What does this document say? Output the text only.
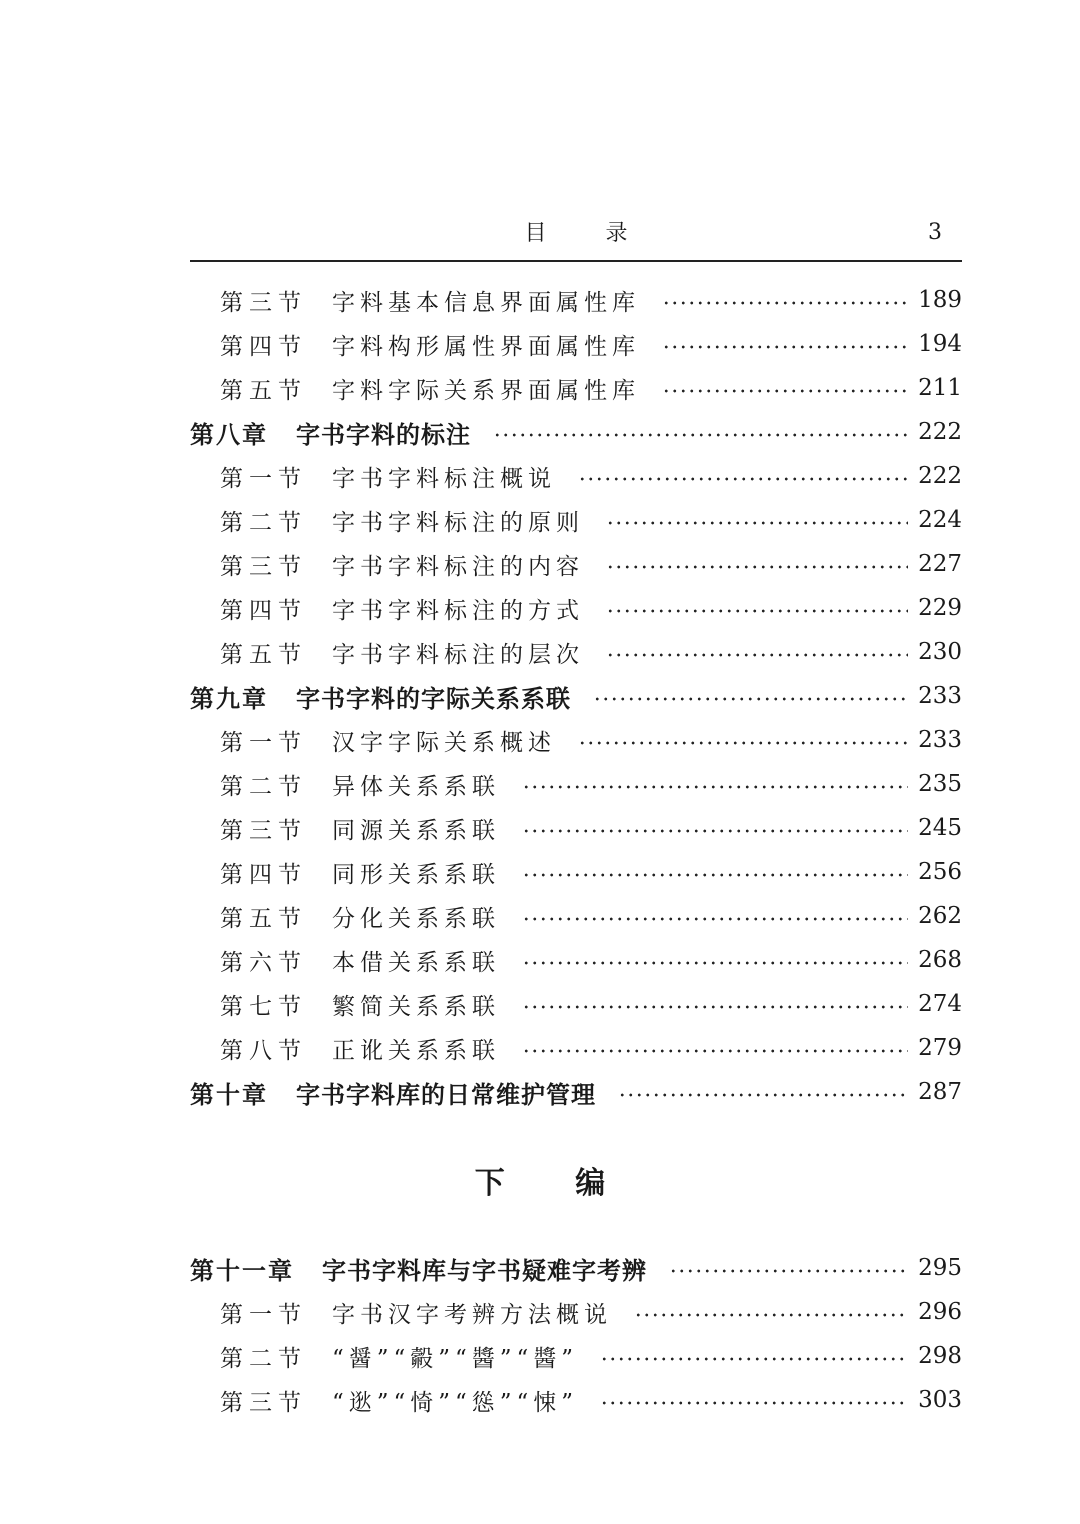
目 录	3
第三节	字料基本信息界面属性库	189
第四节	字料构形属性界面属性库	194
第五节	字料字际关系界面属性库	211
第八章 字书字料的标注	222
第一节	字书字料标注概说	222
第二节	字书字料标注的原则	224
第三节	字书字料标注的内容	227
第四节	字书字料标注的方式	229
第五节	字书字料标注的层次	230
第九章 字书字料的字际关系系联	233
第一节	汉字字际关系概述	233
第二节	异体关系系联	235
第三节	同源关系系联	245
第四节	同形关系系联	256
第五节	分化关系系联	262
第六节	本借关系系联	268
第七节	繁简关系系联	274
第八节	正讹关系系联	279
第十章 字书字料库的日常维护管理	287
下 编
第十一章 字书字料库与字书疑难字考辨	295
第一节	字书汉字考辨方法概说	296
第二节	“醤”“㲉”“醬”“醬”	298
第三节	“逖”“㥓”“慫”“悚”	303
